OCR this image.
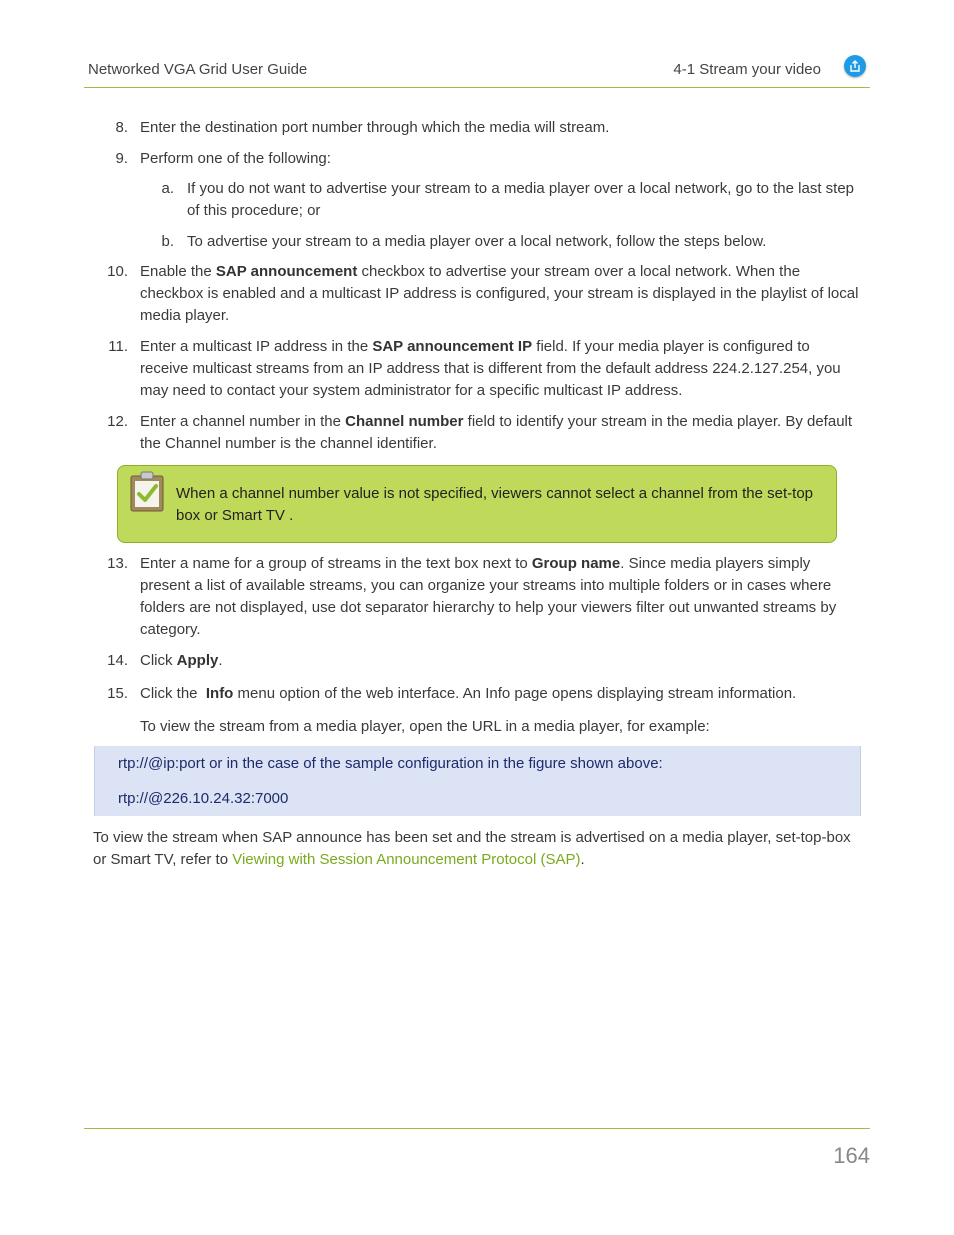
Networked VGA Grid User Guide	4-1 Stream your video
8. Enter the destination port number through which the media will stream.
9. Perform one of the following:
a. If you do not want to advertise your stream to a media player over a local network, go to the last step of this procedure; or
b. To advertise your stream to a media player over a local network, follow the steps below.
10. Enable the SAP announcement checkbox to advertise your stream over a local network. When the checkbox is enabled and a multicast IP address is configured, your stream is displayed in the playlist of local media player.
11. Enter a multicast IP address in the SAP announcement IP field. If your media player is configured to receive multicast streams from an IP address that is different from the default address 224.2.127.254, you may need to contact your system administrator for a specific multicast IP address.
12. Enter a channel number in the Channel number field to identify your stream in the media player. By default the Channel number is the channel identifier.
When a channel number value is not specified, viewers cannot select a channel from the set-top box or Smart TV .
13. Enter a name for a group of streams in the text box next to Group name. Since media players simply present a list of available streams, you can organize your streams into multiple folders or in cases where folders are not displayed, use dot separator hierarchy to help your viewers filter out unwanted streams by category.
14. Click Apply.
15. Click the  Info menu option of the web interface. An Info page opens displaying stream information.
To view the stream from a media player, open the URL in a media player, for example:
rtp://@ip:port or in the case of the sample configuration in the figure shown above:
rtp://@226.10.24.32:7000
To view the stream when SAP announce has been set and the stream is advertised on a media player, set-top-box or Smart TV, refer to Viewing with Session Announcement Protocol (SAP).
164
